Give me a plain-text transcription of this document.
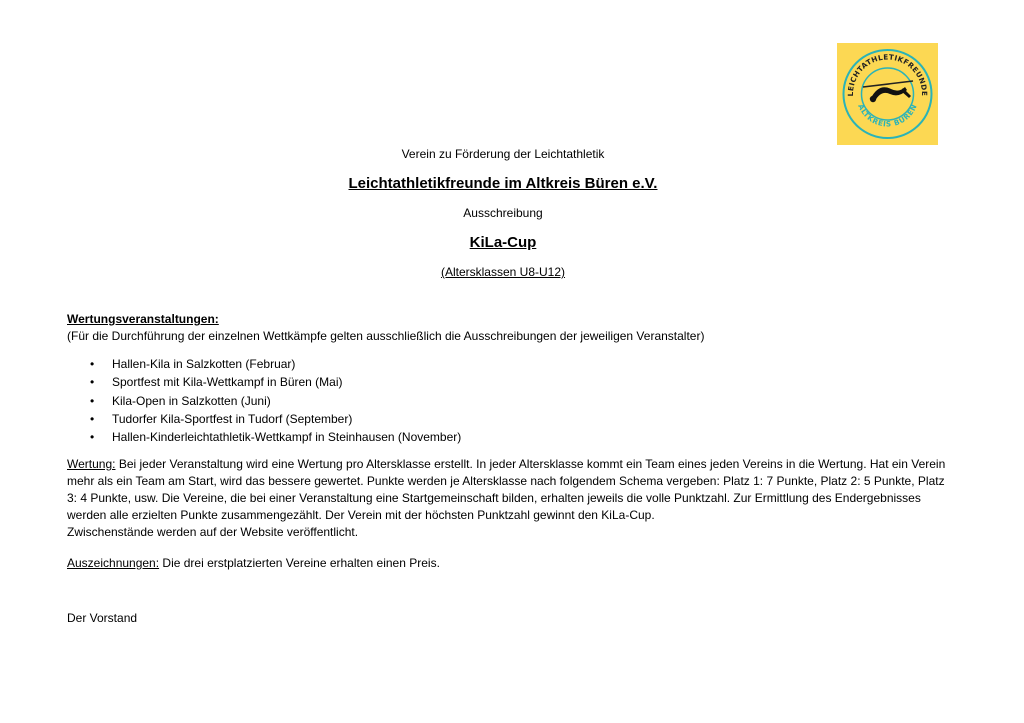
LEICHTATHLETIKFREUNDE
ALTKREIS BÜREN
Verein zu Förderung der Leichtathletik
Leichtathletikfreunde im Altkreis Büren e.V.
Ausschreibung
KiLa-Cup
(Altersklassen U8-U12)
Wertungsveranstaltungen:
(Für die Durchführung der einzelnen Wettkämpfe gelten ausschließlich die Ausschreibungen der jeweiligen Veranstalter)
• Hallen-Kila in Salzkotten (Februar)
• Sportfest mit Kila-Wettkampf in Büren (Mai)
• Kila-Open in Salzkotten (Juni)
• Tudorfer Kila-Sportfest in Tudorf (September)
• Hallen-Kinderleichtathletik-Wettkampf in Steinhausen (November)

Wertung: Bei jeder Veranstaltung wird eine Wertung pro Altersklasse erstellt. In jeder Altersklasse kommt ein Team eines jeden Vereins in die Wertung. Hat ein Verein mehr als ein Team am Start, wird das bessere gewertet. Punkte werden je Altersklasse nach folgendem Schema vergeben: Platz 1: 7 Punkte, Platz 2: 5 Punkte, Platz 3: 4 Punkte, usw. Die Vereine, die bei einer Veranstaltung eine Startgemeinschaft bilden, erhalten jeweils die volle Punktzahl. Zur Ermittlung des Endergebnisses werden alle erzielten Punkte zusammengezählt. Der Verein mit der höchsten Punktzahl gewinnt den KiLa-Cup.

Zwischenstände werden auf der Website veröffentlicht.

Auszeichnungen: Die drei erstplatzierten Vereine erhalten einen Preis.
Der Vorstand
